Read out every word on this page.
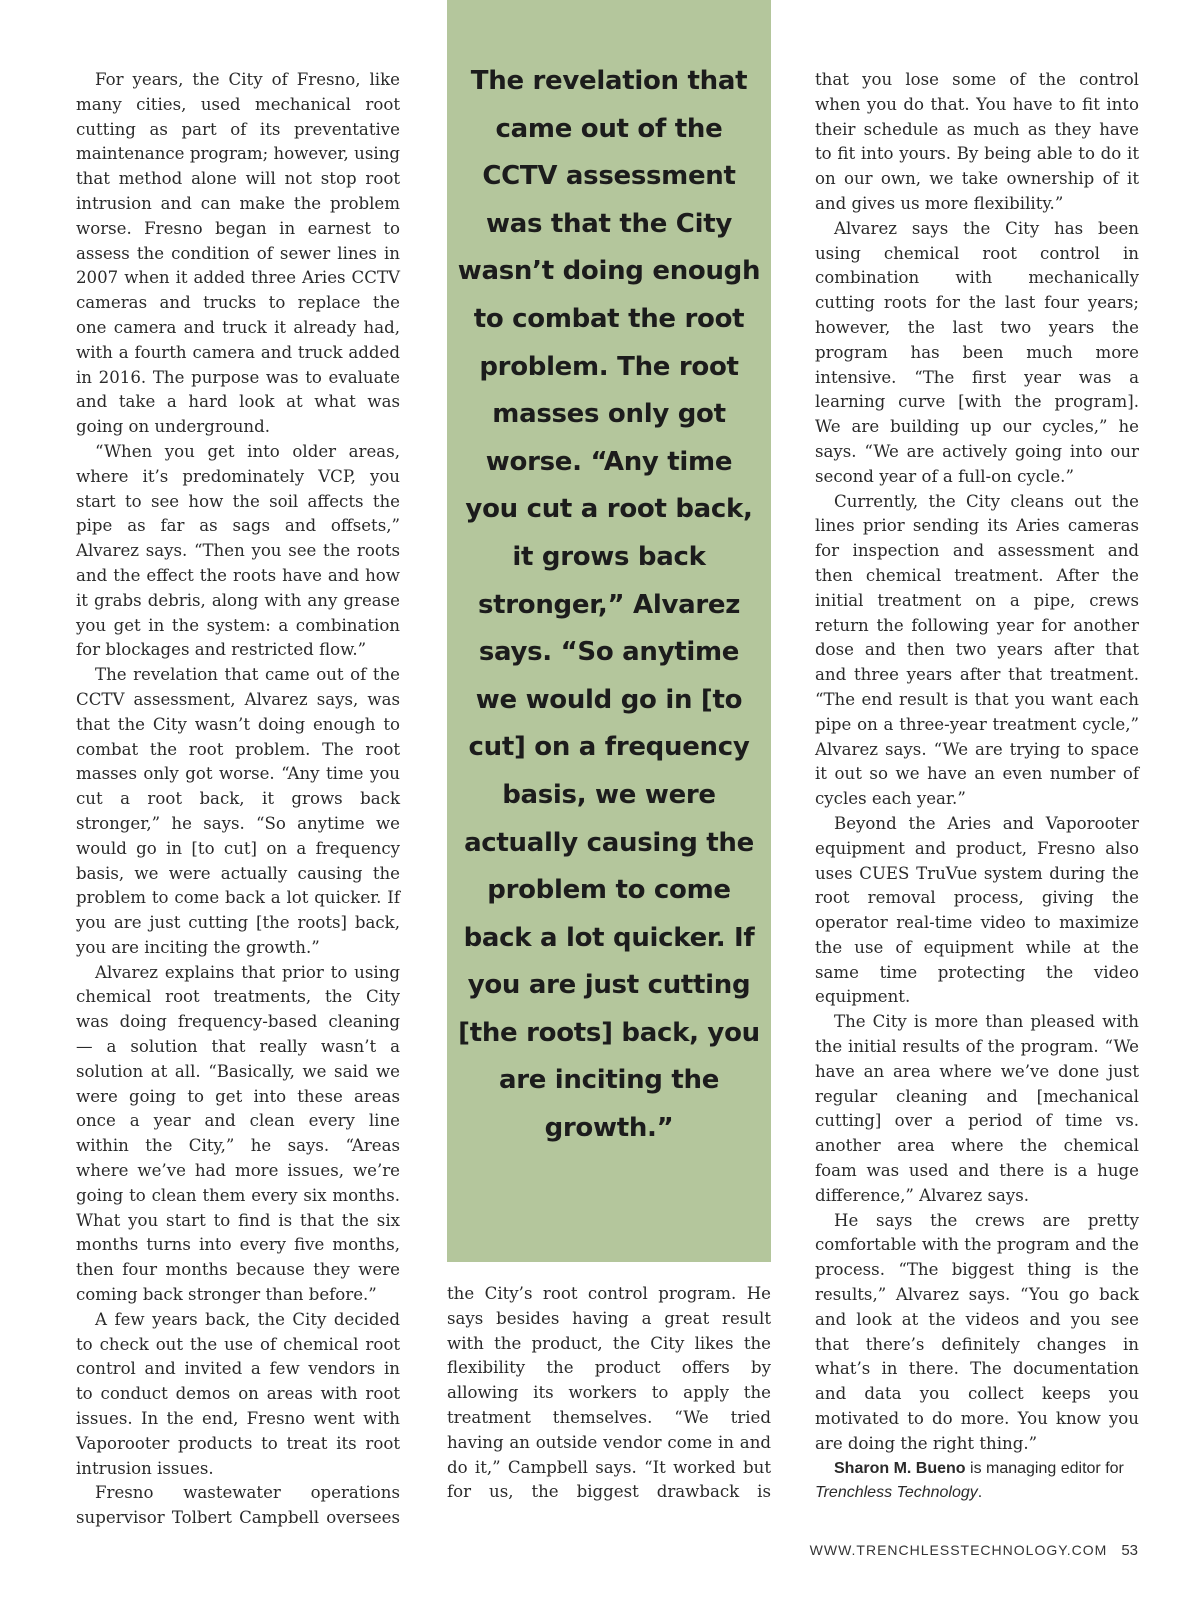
For years, the City of Fresno, like many cities, used mechanical root cutting as part of its preventative maintenance program; however, using that method alone will not stop root intrusion and can make the problem worse. Fresno began in earnest to assess the condition of sewer lines in 2007 when it added three Aries CCTV cameras and trucks to replace the one camera and truck it already had, with a fourth camera and truck added in 2016. The purpose was to evaluate and take a hard look at what was going on underground.

“When you get into older areas, where it’s predominately VCP, you start to see how the soil affects the pipe as far as sags and offsets,” Alvarez says. “Then you see the roots and the effect the roots have and how it grabs debris, along with any grease you get in the system: a combination for blockages and restricted flow.”

The revelation that came out of the CCTV assessment, Alvarez says, was that the City wasn’t doing enough to combat the root problem. The root masses only got worse. “Any time you cut a root back, it grows back stronger,” he says. “So anytime we would go in [to cut] on a frequency basis, we were actually causing the problem to come back a lot quicker. If you are just cutting [the roots] back, you are inciting the growth.”

Alvarez explains that prior to using chemical root treatments, the City was doing frequency-based cleaning — a solution that really wasn’t a solution at all. “Basically, we said we were going to get into these areas once a year and clean every line within the City,” he says. “Areas where we’ve had more issues, we’re going to clean them every six months. What you start to find is that the six months turns into every five months, then four months because they were coming back stronger than before.”

A few years back, the City decided to check out the use of chemical root control and invited a few vendors in to conduct demos on areas with root issues. In the end, Fresno went with Vaporooter products to treat its root intrusion issues.

Fresno wastewater operations supervisor Tolbert Campbell oversees

The revelation that came out of the CCTV assessment was that the City wasn’t doing enough to combat the root problem. The root masses only got worse. “Any time you cut a root back, it grows back stronger,” Alvarez says. “So anytime we would go in [to cut] on a frequency basis, we were actually causing the problem to come back a lot quicker. If you are just cutting [the roots] back, you are inciting the growth.”

the City’s root control program. He says besides having a great result with the product, the City likes the flexibility the product offers by allowing its workers to apply the treatment themselves. “We tried having an outside vendor come in and do it,” Campbell says. “It worked but for us, the biggest drawback is

that you lose some of the control when you do that. You have to fit into their schedule as much as they have to fit into yours. By being able to do it on our own, we take ownership of it and gives us more flexibility.”

Alvarez says the City has been using chemical root control in combination with mechanically cutting roots for the last four years; however, the last two years the program has been much more intensive. “The first year was a learning curve [with the program]. We are building up our cycles,” he says. “We are actively going into our second year of a full-on cycle.”

Currently, the City cleans out the lines prior sending its Aries cameras for inspection and assessment and then chemical treatment. After the initial treatment on a pipe, crews return the following year for another dose and then two years after that and three years after that treatment. “The end result is that you want each pipe on a three-year treatment cycle,” Alvarez says. “We are trying to space it out so we have an even number of cycles each year.”

Beyond the Aries and Vaporooter equipment and product, Fresno also uses CUES TruVue system during the root removal process, giving the operator real-time video to maximize the use of equipment while at the same time protecting the video equipment.

The City is more than pleased with the initial results of the program. “We have an area where we’ve done just regular cleaning and [mechanical cutting] over a period of time vs. another area where the chemical foam was used and there is a huge difference,” Alvarez says.

He says the crews are pretty comfortable with the program and the process. “The biggest thing is the results,” Alvarez says. “You go back and look at the videos and you see that there’s definitely changes in what’s in there. The documentation and data you collect keeps you motivated to do more. You know you are doing the right thing.”

Sharon M. Bueno is managing editor for Trenchless Technology.

WWW.TRENCHLESSTECHNOLOGY.COM 53
